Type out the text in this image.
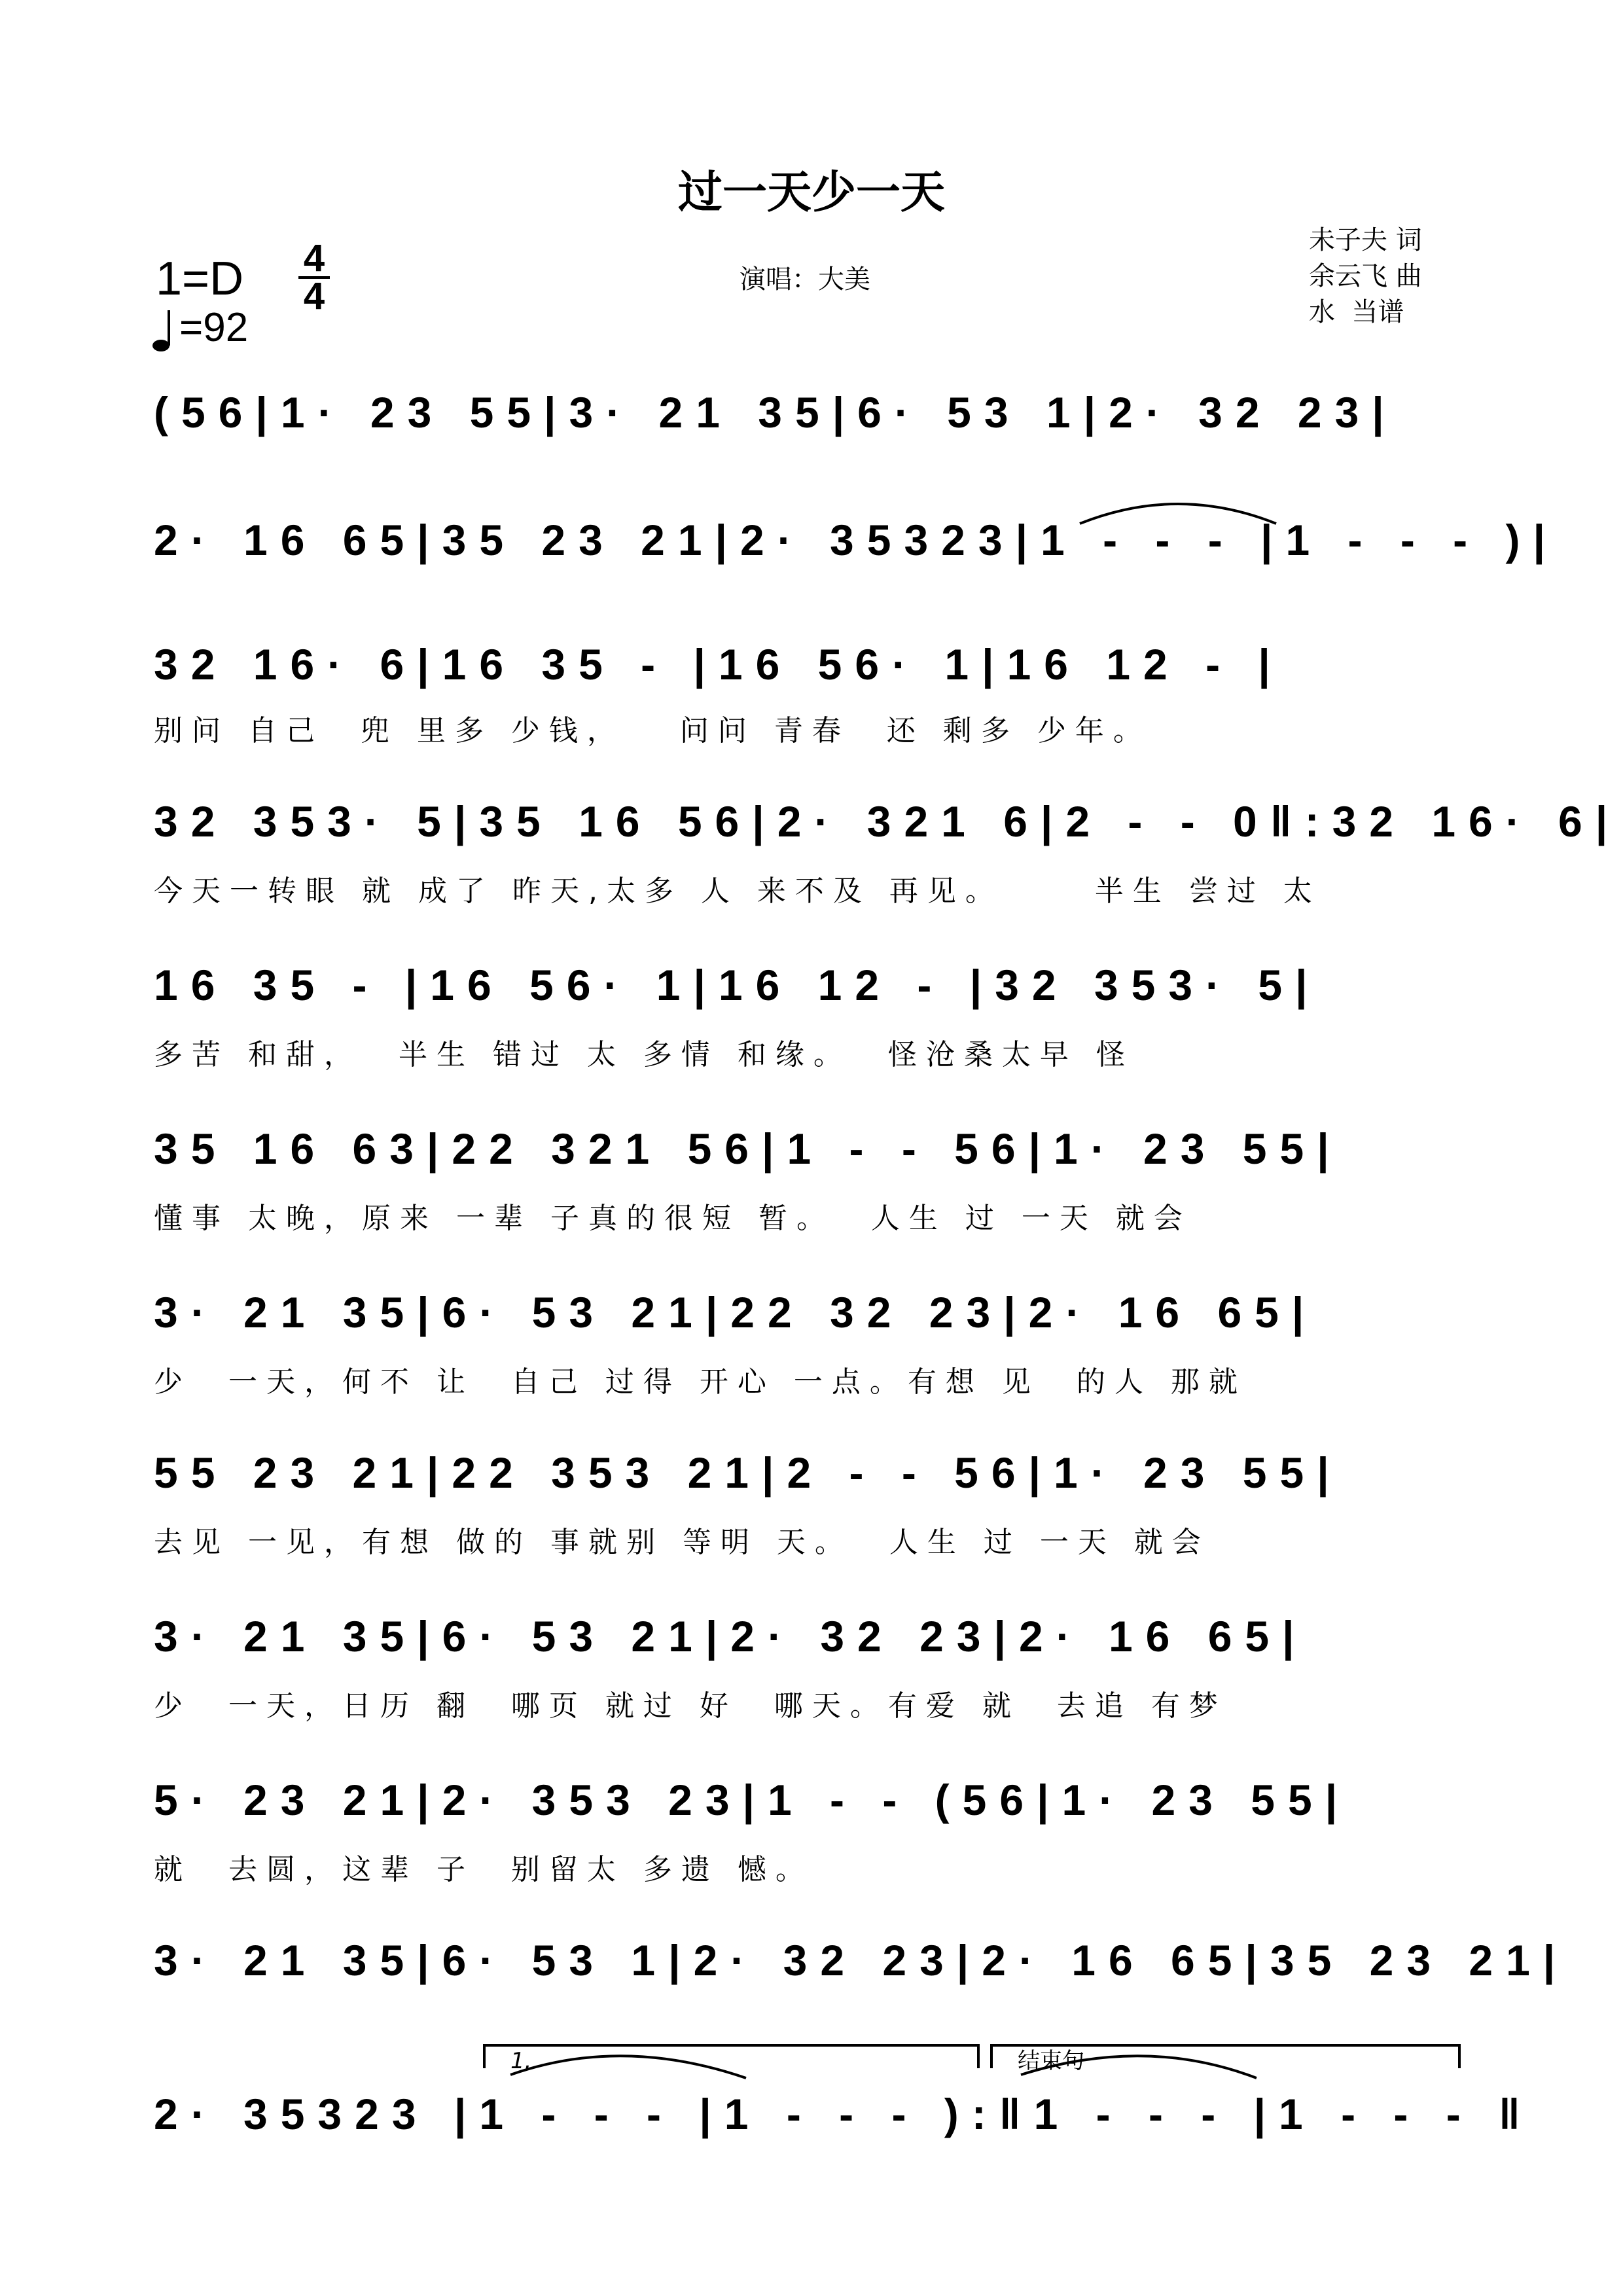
过一天少一天
1=D 4
4
=92
演唱：大美
未子夫 词
余云飞 曲
水  当谱
(56|1· 23 55|3· 21 35|6· 53 1|2· 32 23|
2· 16 65|35 23 21|2· 35323|1 - - - |1 - - - )|
32 16· 6|16 35 - |16 56· 1|16 12 - |
别问 自己  兜 里多 少钱，   问问 青春  还 剩多 少年。
32 353· 5|35 16 56|2· 321 6|2 - - 0‖:32 16· 6|
今天一转眼 就 成了 昨天,太多 人 来不及 再见。     半生 尝过 太
16 35 - |16 56· 1|16 12 - |32 353· 5|
多苦 和甜，  半生 错过 太 多情 和缘。  怪沧桑太早 怪
35 16 63|22 321 56|1 - - 56|1· 23 55|
懂事 太晚，原来 一辈 子真的很短 暂。  人生 过 一天 就会
3· 21 35|6· 53 21|22 32 23|2· 16 65|
少  一天，何不 让  自己 过得 开心 一点。有想 见  的人 那就
55 23 21|22 353 21|2 - - 56|1· 23 55|
去见 一见，有想 做的 事就别 等明 天。  人生 过 一天 就会
3· 21 35|6· 53 21|2· 32 23|2· 16 65|
少  一天，日历 翻  哪页 就过 好  哪天。有爱 就  去追 有梦
5· 23 21|2· 353 23|1 - - (56|1· 23 55|
就  去圆，这辈 子  别留太 多遗 憾。
3· 21 35|6· 53 1|2· 32 23|2· 16 65|35 23 21|
2· 35323 |1 - - - |1 - - - ):‖1 - - - |1 - - - ‖
1.	结束句
